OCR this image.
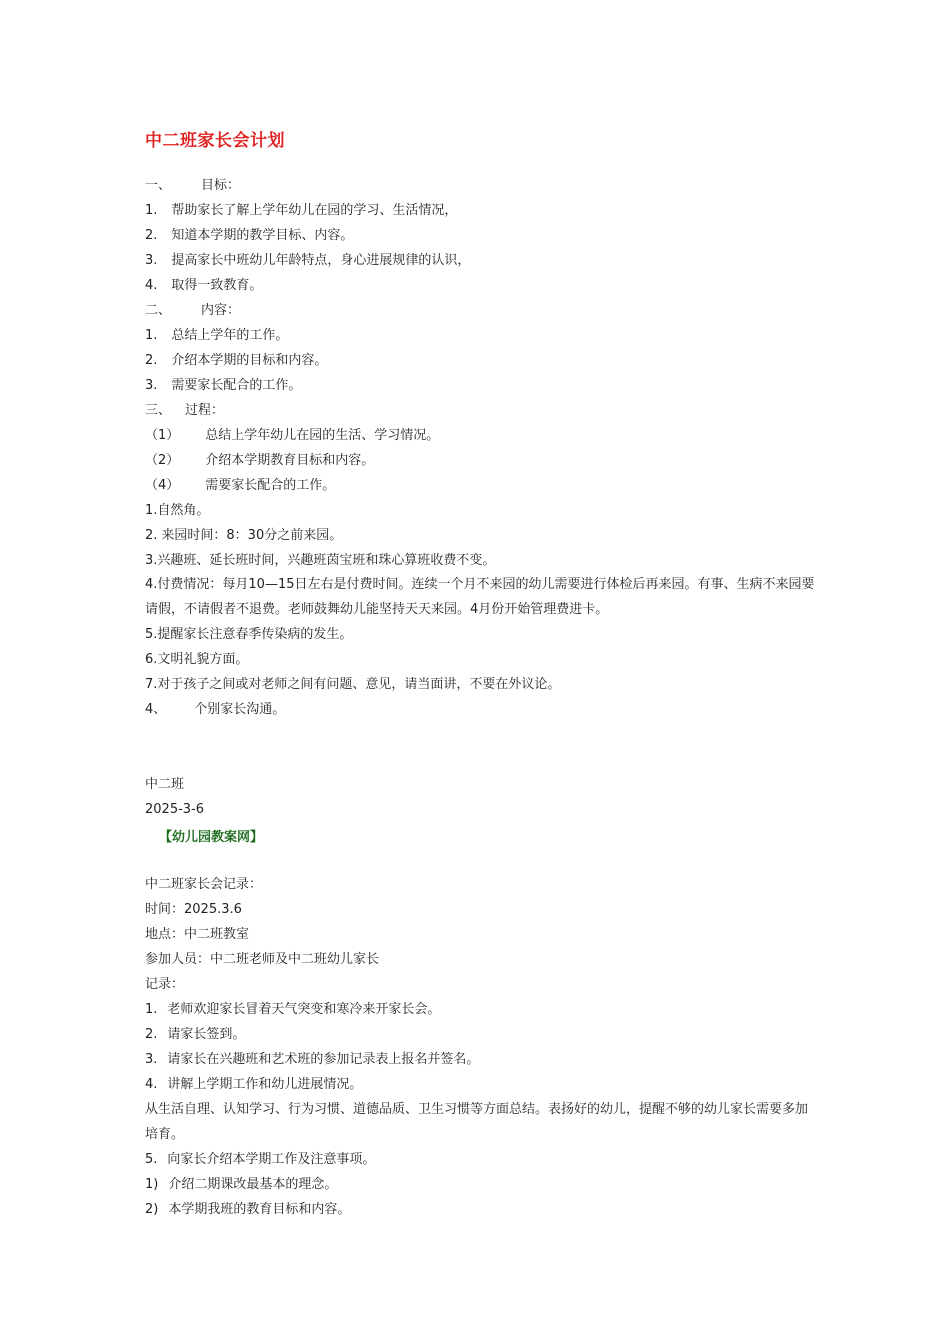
中二班家长会计划
一、 目标：
1. 帮助家长了解上学年幼儿在园的学习、生活情况，
2. 知道本学期的教学目标、内容。
3. 提高家长中班幼儿年龄特点，身心进展规律的认识，
4. 取得一致教育。
二、 内容：
1. 总结上学年的工作。
2. 介绍本学期的目标和内容。
3. 需要家长配合的工作。
三、 过程：
（1） 总结上学年幼儿在园的生活、学习情况。
（2） 介绍本学期教育目标和内容。
（4） 需要家长配合的工作。
1.自然角。
2. 来园时间：8：30分之前来园。
3.兴趣班、延长班时间，兴趣班茵宝班和珠心算班收费不变。
4.付费情况：每月10—15日左右是付费时间。连续一个月不来园的幼儿需要进行体检后再来园。有事、生病不来园要请假，不请假者不退费。老师鼓舞幼儿能坚持天天来园。4月份开始管理费进卡。
5.提醒家长注意春季传染病的发生。
6.文明礼貌方面。
7.对于孩子之间或对老师之间有问题、意见，请当面讲，不要在外议论。
4、 个别家长沟通。
中二班
2025-3-6
【幼儿园教案网】
中二班家长会记录：
时间：2025.3.6
地点：中二班教室
参加人员：中二班老师及中二班幼儿家长
记录：
1. 老师欢迎家长冒着天气突变和寒冷来开家长会。
2. 请家长签到。
3. 请家长在兴趣班和艺术班的参加记录表上报名并签名。
4. 讲解上学期工作和幼儿进展情况。
从生活自理、认知学习、行为习惯、道德品质、卫生习惯等方面总结。表扬好的幼儿，提醒不够的幼儿家长需要多加培育。
5. 向家长介绍本学期工作及注意事项。
1) 介绍二期课改最基本的理念。
2) 本学期我班的教育目标和内容。
